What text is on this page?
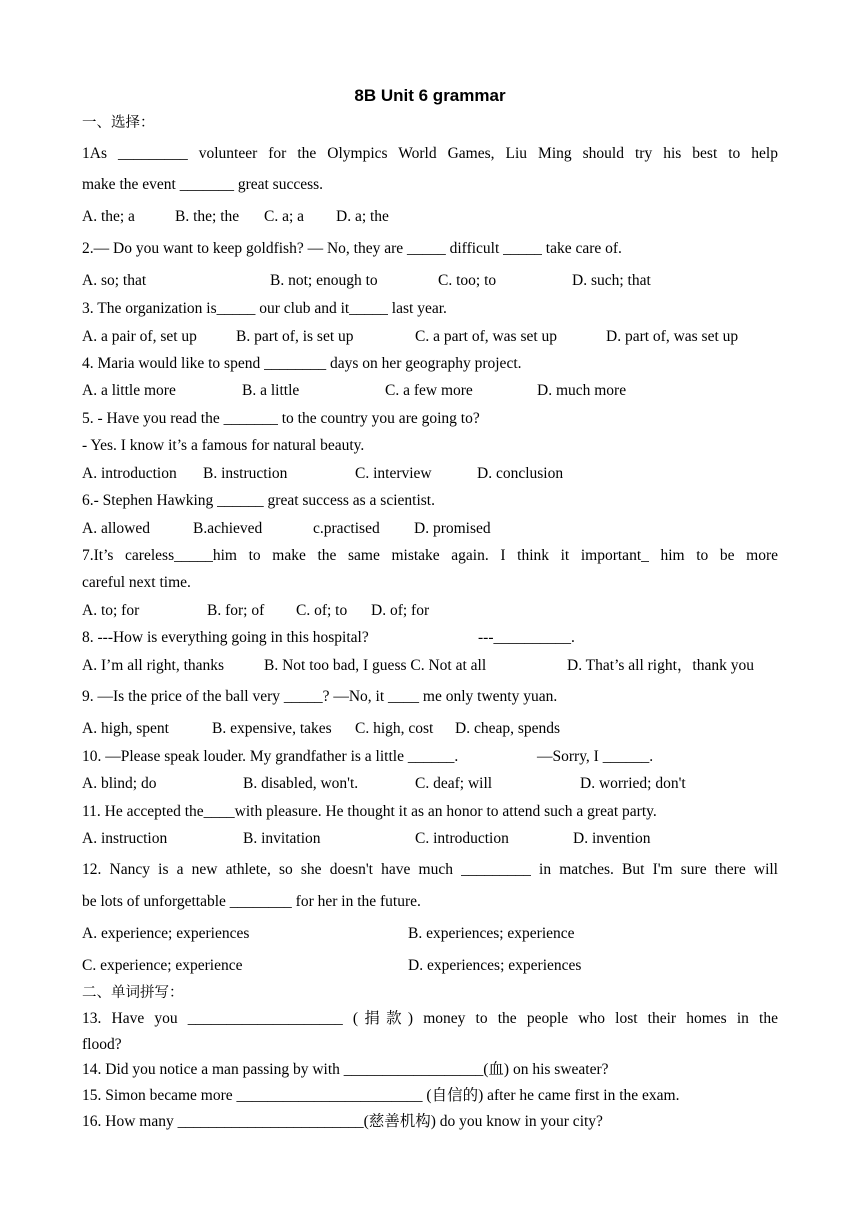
8B Unit 6 grammar
一、选择：
1As _________ volunteer for the Olympics World Games, Liu Ming should try his best to help
make the event _______ great success.
A. the; a	B. the; the C. a; a D. a; the
2.— Do you want to keep goldfish? — No, they are _____ difficult _____ take care of.
A. so; that	B. not; enough to	C. too; to	D. such; that
3. The organization is_____ our club and it_____ last year.
A. a pair of, set up	B. part of, is set up	C. a part of, was set up	D. part of, was set up
4. Maria would like to spend ________ days on her geography project.
A. a little more	B. a little	C. a few more	D. much more
5. - Have you read the _______ to the country you are going to?
- Yes. I know it’s a famous for natural beauty.
A. introduction B. instruction	C. interview	D. conclusion
6.- Stephen Hawking ______ great success as a scientist.
A. allowed	B.achieved	c.practised D. promised
7.It’s careless_____him to make the same mistake again. I think it important_ him to be more
careful next time.
A. to; for	B. for; of C. of; to D. of; for
8. ---How is everything going in this hospital?	---__________.
A. I’m all right, thanks	B. Not too bad, I guess C. Not at all	D. That’s all right，thank you
9. —Is the price of the ball very _____? —No, it ____ me only twenty yuan.
A. high, spent	B. expensive, takes C. high, cost D. cheap, spends
10. —Please speak louder. My grandfather is a little ______.	—Sorry, I ______.
A. blind; do	B. disabled, won't.	C. deaf; will	D. worried; don't
11. He accepted the____with pleasure. He thought it as an honor to attend such a great party.
A. instruction	B. invitation	C. introduction	D. invention
12. Nancy is a new athlete, so she doesn't have much _________ in matches. But I'm sure there will
be lots of unforgettable ________ for her in the future.
A. experience; experiences	B. experiences; experience
C. experience; experience	D. experiences; experiences
二、单词拼写：
13. Have you ____________________ (捐款) money to the people who lost their homes in the
flood?
14. Did you notice a man passing by with __________________(血) on his sweater?
15. Simon became more ________________________ (自信的) after he came first in the exam.
16. How many ________________________(慈善机构) do you know in your city?
